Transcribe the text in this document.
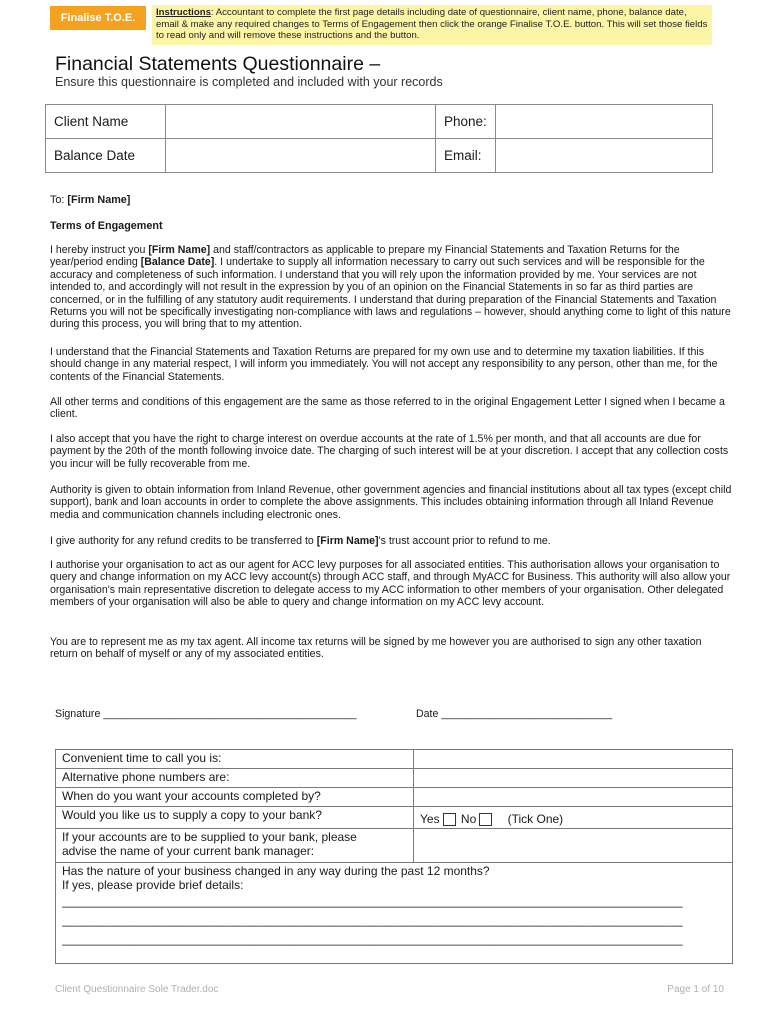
Finalise T.O.E.	Instructions: Accountant to complete the first page details including date of questionnaire, client name, phone, balance date, email & make any required changes to Terms of Engagement then click the orange Finalise T.O.E. button. This will set those fields to read only and will remove these instructions and the button.
Financial Statements Questionnaire –
Ensure this questionnaire is completed and included with your records
Client Name		Phone:	
Balance Date		Email:	
To: [Firm Name]
Terms of Engagement

I hereby instruct you [Firm Name] and staff/contractors as applicable to prepare my Financial Statements and Taxation Returns for the year/period ending [Balance Date]. I undertake to supply all information necessary to carry out such services and will be responsible for the accuracy and completeness of such information. I understand that you will rely upon the information provided by me. Your services are not intended to, and accordingly will not result in the expression by you of an opinion on the Financial Statements in so far as third parties are concerned, or in the fulfilling of any statutory audit requirements. I understand that during preparation of the Financial Statements and Taxation Returns you will not be specifically investigating non-compliance with laws and regulations – however, should anything come to light of this nature during this process, you will bring that to my attention.

I understand that the Financial Statements and Taxation Returns are prepared for my own use and to determine my taxation liabilities. If this should change in any material respect, I will inform you immediately. You will not accept any responsibility to any person, other than me, for the contents of the Financial Statements.

All other terms and conditions of this engagement are the same as those referred to in the original Engagement Letter I signed when I became a client.

I also accept that you have the right to charge interest on overdue accounts at the rate of 1.5% per month, and that all accounts are due for payment by the 20th of the month following invoice date. The charging of such interest will be at your discretion. I accept that any collection costs you incur will be fully recoverable from me.

Authority is given to obtain information from Inland Revenue, other government agencies and financial institutions about all tax types (except child support), bank and loan accounts in order to complete the above assignments. This includes obtaining information through all Inland Revenue media and communication channels including electronic ones.

I give authority for any refund credits to be transferred to [Firm Name]'s trust account prior to refund to me.

I authorise your organisation to act as our agent for ACC levy purposes for all associated entities. This authorisation allows your organisation to query and change information on my ACC levy account(s) through ACC staff, and through MyACC for Business. This authority will also allow your organisation's main representative discretion to delegate access to my ACC information to other members of your organisation. Other delegated members of your organisation will also be able to query and change information on my ACC levy account.

You are to represent me as my tax agent. All income tax returns will be signed by me however you are authorised to sign any other taxation return on behalf of myself or any of my associated entities.

Signature ___________________________________________	Date _____________________________
Convenient time to call you is:	
Alternative phone numbers are:	
When do you want your accounts completed by?	
Would you like us to supply a copy to your bank?	Yes No (Tick One)
If your accounts are to be supplied to your bank, please
advise the name of your current bank manager:	

Has the nature of your business changed in any way during the past 12 months?
If yes, please provide brief details:
_____________________________________________________________________________________________
_____________________________________________________________________________________________
_____________________________________________________________________________________________	
Client Questionnaire Sole Trader.doc	Page 1 of 10
